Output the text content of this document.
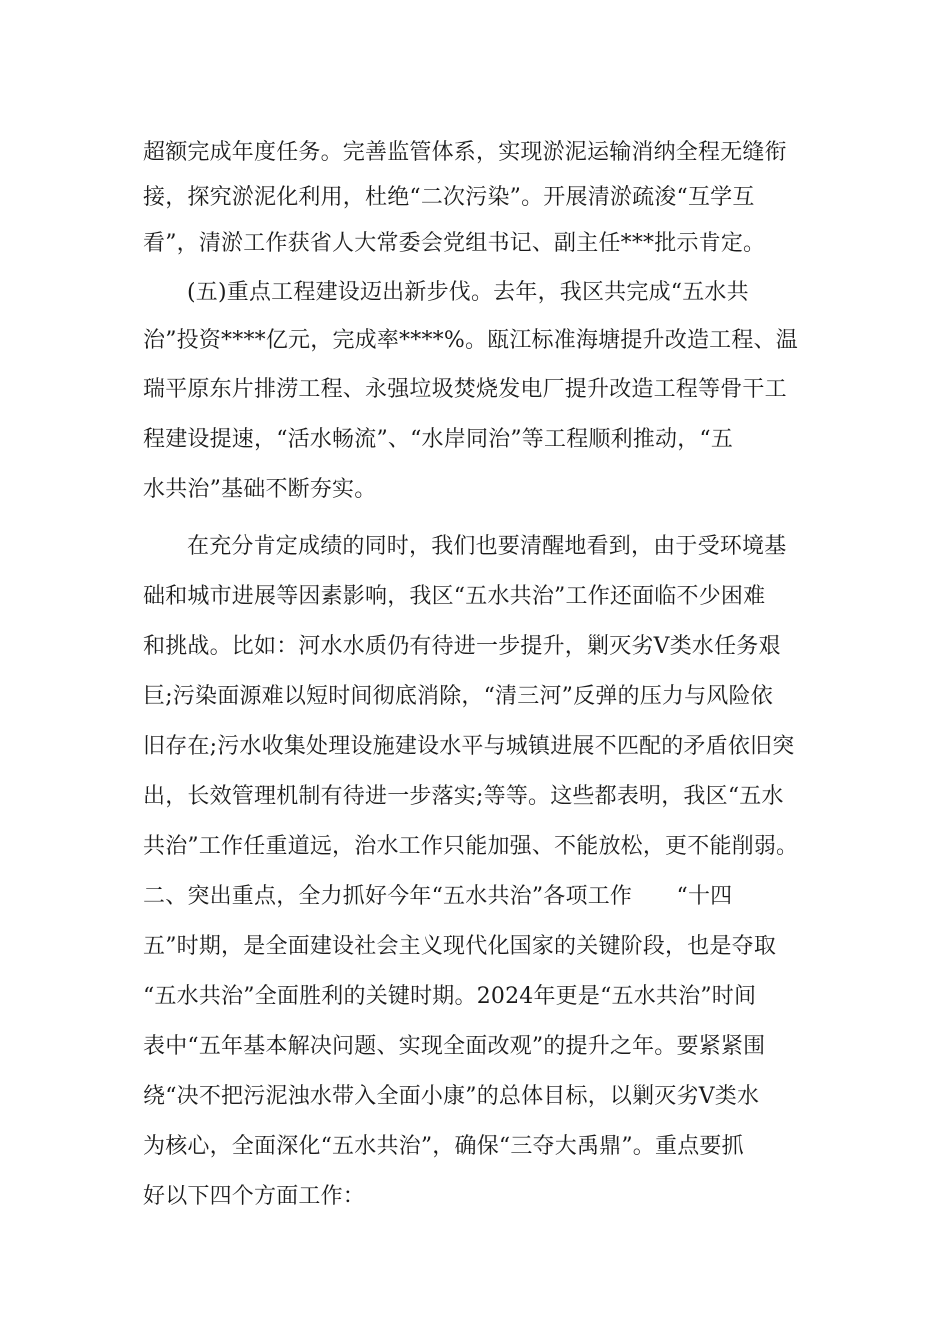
超额完成年度任务。完善监管体系，实现淤泥运输消纳全程无缝衔
接，探究淤泥化利用，杜绝“二次污染”。开展清淤疏浚“互学互
看”，清淤工作获省人大常委会党组书记、副主任***批示肯定。
(五)重点工程建设迈出新步伐。去年，我区共完成“五水共
治”投资****亿元，完成率****%。瓯江标准海塘提升改造工程、温
瑞平原东片排涝工程、永强垃圾焚烧发电厂提升改造工程等骨干工
程建设提速，“活水畅流”、“水岸同治”等工程顺利推动，“五
水共治”基础不断夯实。
在充分肯定成绩的同时，我们也要清醒地看到，由于受环境基
础和城市进展等因素影响，我区“五水共治”工作还面临不少困难
和挑战。比如：河水水质仍有待进一步提升，剿灭劣Ⅴ类水任务艰
巨;污染面源难以短时间彻底消除，“清三河”反弹的压力与风险依
旧存在;污水收集处理设施建设水平与城镇进展不匹配的矛盾依旧突
出，长效管理机制有待进一步落实;等等。这些都表明，我区“五水
共治”工作任重道远，治水工作只能加强、不能放松，更不能削弱。
二、突出重点，全力抓好今年“五水共治”各项工作　　“十四
五”时期，是全面建设社会主义现代化国家的关键阶段，也是夺取
“五水共治”全面胜利的关键时期。2024年更是“五水共治”时间
表中“五年基本解决问题、实现全面改观”的提升之年。要紧紧围
绕“决不把污泥浊水带入全面小康”的总体目标，以剿灭劣Ⅴ类水
为核心，全面深化“五水共治”，确保“三夺大禹鼎”。重点要抓
好以下四个方面工作：
